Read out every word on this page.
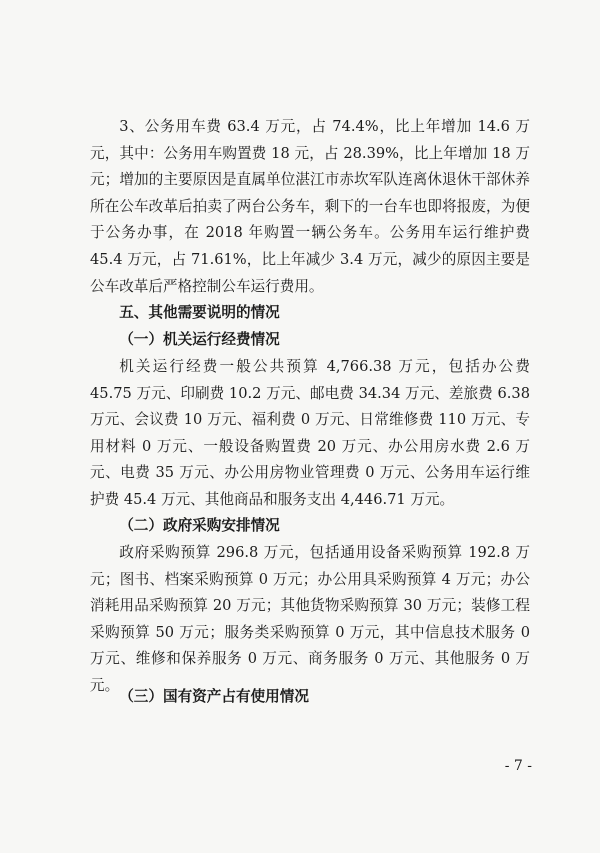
3、公务用车费 63.4 万元，占 74.4%，比上年增加 14.6 万元，其中：公务用车购置费 18 元，占 28.39%，比上年增加 18 万元；增加的主要原因是直属单位湛江市赤坎军队连离休退休干部休养所在公车改革后拍卖了两台公务车，剩下的一台车也即将报废，为便于公务办事，在 2018 年购置一辆公务车。公务用车运行维护费 45.4 万元，占 71.61%，比上年减少 3.4 万元，减少的原因主要是公车改革后严格控制公车运行费用。

五、其他需要说明的情况

（一）机关运行经费情况

机关运行经费一般公共预算 4,766.38 万元，包括办公费 45.75 万元、印刷费 10.2 万元、邮电费 34.34 万元、差旅费 6.38 万元、会议费 10 万元、福利费 0 万元、日常维修费 110 万元、专用材料 0 万元、一般设备购置费 20 万元、办公用房水费 2.6 万元、电费 35 万元、办公用房物业管理费 0 万元、公务用车运行维护费 45.4 万元、其他商品和服务支出 4,446.71 万元。

（二）政府采购安排情况

政府采购预算 296.8 万元，包括通用设备采购预算 192.8 万元；图书、档案采购预算 0 万元；办公用具采购预算 4 万元；办公消耗用品采购预算 20 万元；其他货物采购预算 30 万元；装修工程采购预算 50 万元；服务类采购预算 0 万元，其中信息技术服务 0 万元、维修和保养服务 0 万元、商务服务 0 万元、其他服务 0 万元。

（三）国有资产占有使用情况

- 7 -
